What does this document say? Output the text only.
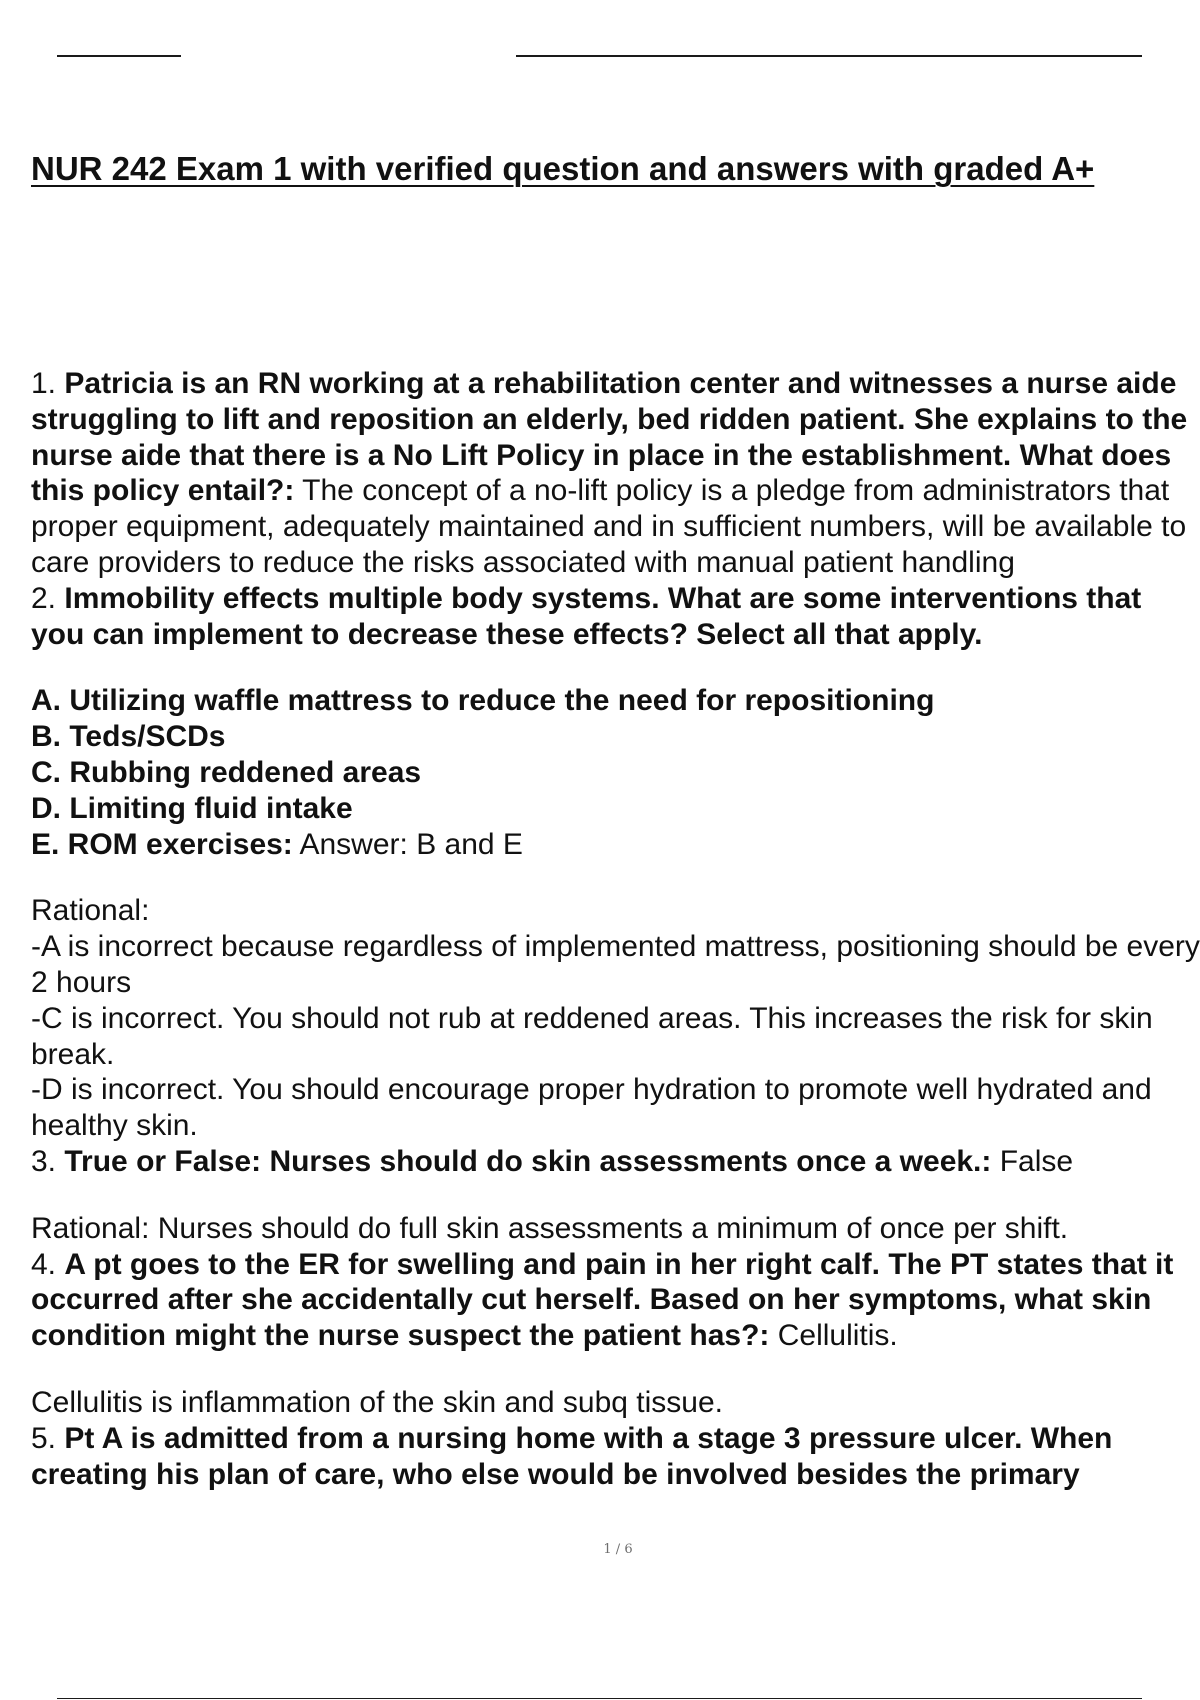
NUR 242 Exam 1 with verified question and answers with graded A+

1. Patricia is an RN working at a rehabilitation center and witnesses a nurse aide struggling to lift and reposition an elderly, bed ridden patient. She explains to the nurse aide that there is a No Lift Policy in place in the establishment. What does this policy entail?: The concept of a no-lift policy is a pledge from administrators that proper equipment, adequately maintained and in sufficient numbers, will be available to care providers to reduce the risks associated with manual patient handling

2. Immobility effects multiple body systems. What are some interventions that you can implement to decrease these effects? Select all that apply.

A. Utilizing waffle mattress to reduce the need for repositioning

B. Teds/SCDs

C. Rubbing reddened areas

D. Limiting fluid intake

E. ROM exercises: Answer: B and E

Rational:

-A is incorrect because regardless of implemented mattress, positioning should be every 2 hours

-C is incorrect. You should not rub at reddened areas. This increases the risk for skin break.

-D is incorrect. You should encourage proper hydration to promote well hydrated and healthy skin.

3. True or False: Nurses should do skin assessments once a week.: False

Rational: Nurses should do full skin assessments a minimum of once per shift.

4. A pt goes to the ER for swelling and pain in her right calf. The PT states that it occurred after she accidentally cut herself. Based on her symptoms, what skin condition might the nurse suspect the patient has?: Cellulitis.

Cellulitis is inflammation of the skin and subq tissue.

5. Pt A is admitted from a nursing home with a stage 3 pressure ulcer. When creating his plan of care, who else would be involved besides the primary

1 / 6
